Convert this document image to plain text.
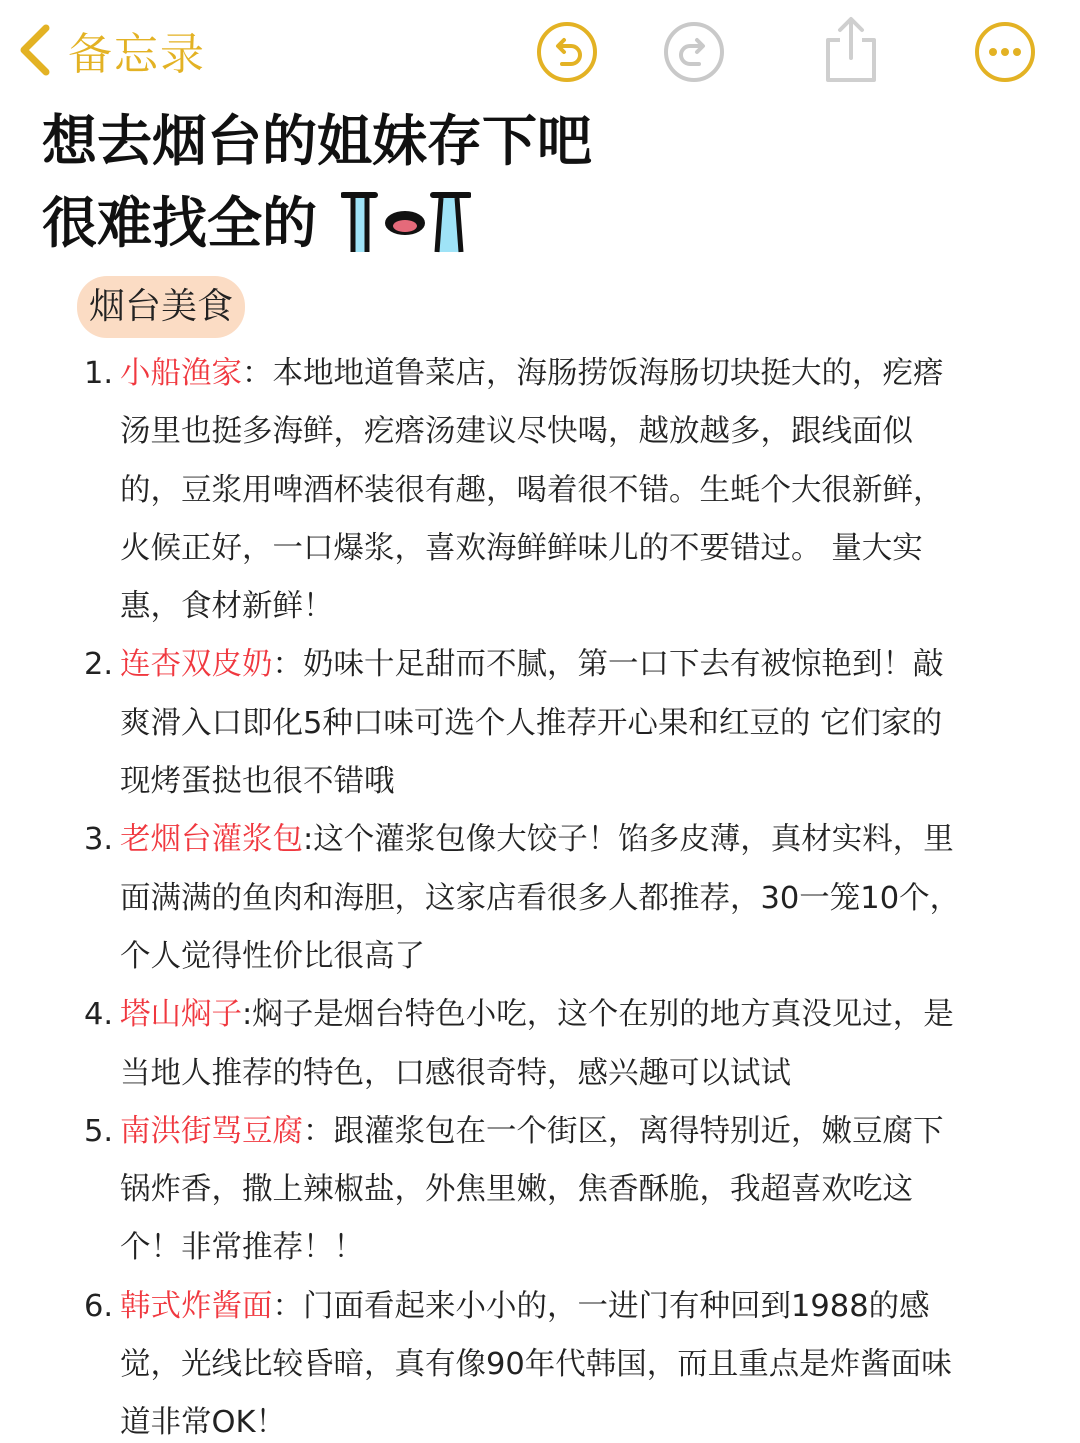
备忘录
想去烟台的姐妹存下吧
很难找全的
烟台美食
1. 小船渔家：本地地道鲁菜店，海肠捞饭海肠切块挺大的，疙瘩
汤里也挺多海鲜，疙瘩汤建议尽快喝，越放越多，跟线面似
的，豆浆用啤酒杯装很有趣，喝着很不错。生蚝个大很新鲜，
火候正好，一口爆浆，喜欢海鲜鲜味儿的不要错过。 量大实
惠，食材新鲜！
2. 连杏双皮奶：奶味十足甜而不腻，第一口下去有被惊艳到！敲
爽滑入口即化5种口味可选个人推荐开心果和红豆的 它们家的
现烤蛋挞也很不错哦
3. 老烟台灌浆包:这个灌浆包像大饺子！馅多皮薄，真材实料，里
面满满的鱼肉和海胆，这家店看很多人都推荐，30一笼10个，
个人觉得性价比很高了
4. 塔山焖子:焖子是烟台特色小吃，这个在别的地方真没见过，是
当地人推荐的特色，口感很奇特，感兴趣可以试试
5. 南洪街骂豆腐：跟灌浆包在一个街区，离得特别近，嫩豆腐下
锅炸香，撒上辣椒盐，外焦里嫩，焦香酥脆，我超喜欢吃这
个！非常推荐！！
6. 韩式炸酱面：门面看起来小小的，一进门有种回到1988的感
觉，光线比较昏暗，真有像90年代韩国，而且重点是炸酱面味
道非常OK！
